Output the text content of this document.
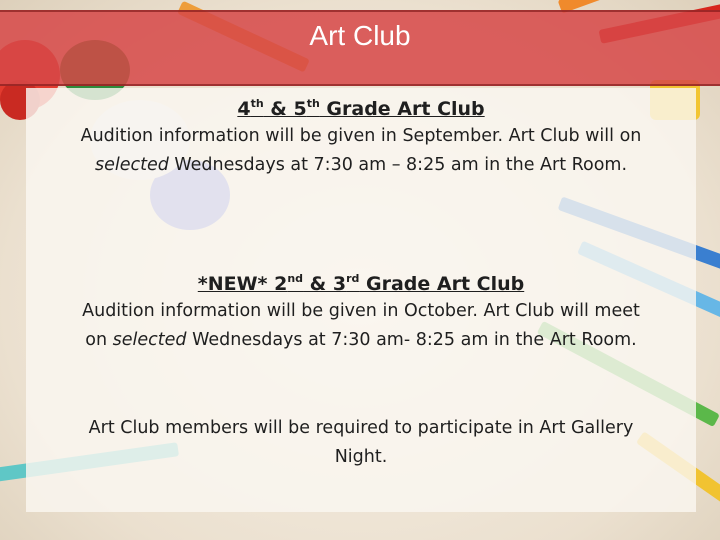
Art Club
4th & 5th Grade Art Club
Audition information will be given in September. Art Club will on
selected Wednesdays at 7:30 am – 8:25 am in the Art Room.
*NEW* 2nd & 3rd Grade Art Club
Audition information will be given in October. Art Club will meet
on selected Wednesdays at 7:30 am- 8:25 am in the Art Room.
Art Club members will be required to participate in Art Gallery
Night.
